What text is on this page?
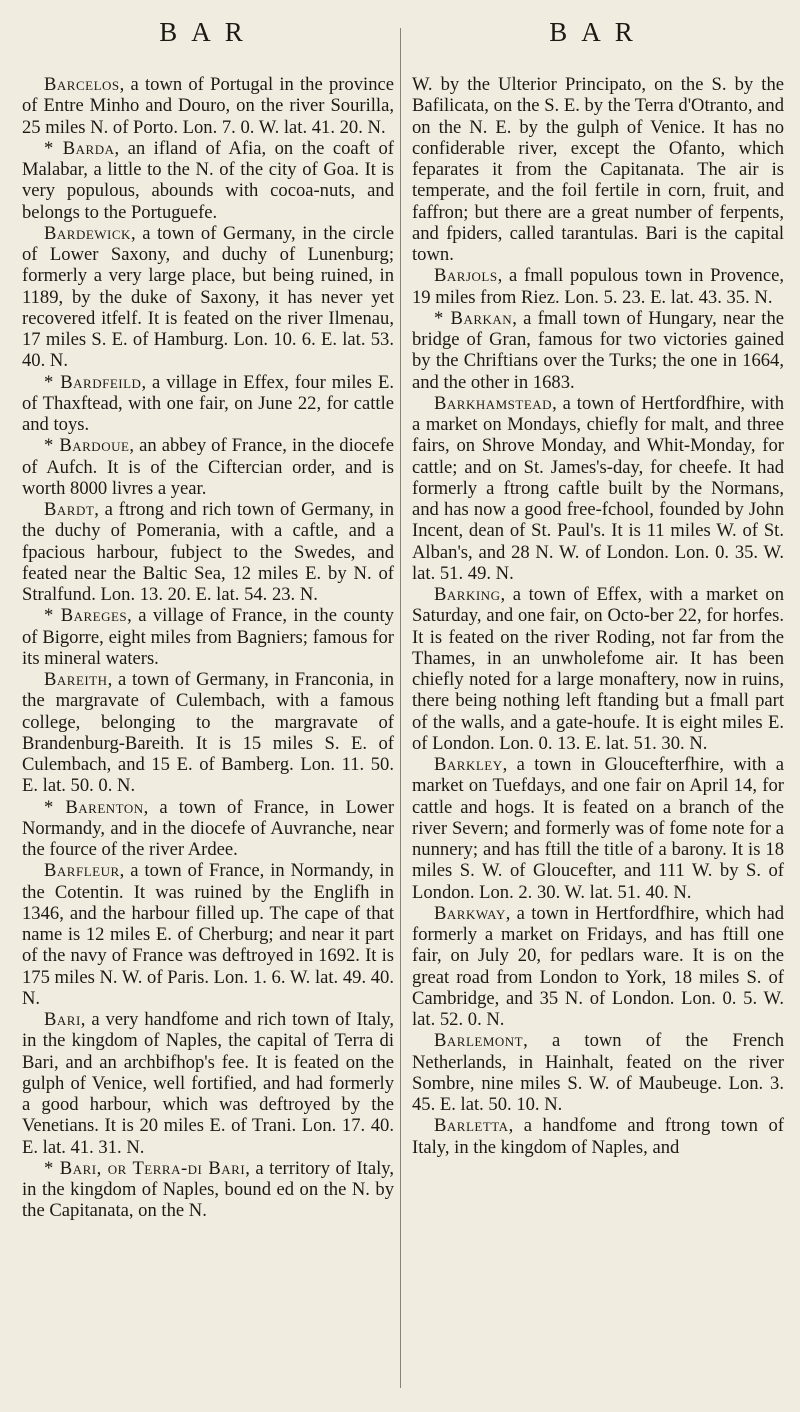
BAR

Barcelos, a town of Portugal in the province of Entre Minho and Douro, on the river Sourilla, 25 miles N. of Porto. Lon. 7. 0. W. lat. 41. 20. N.

* Barda, an ifland of Afia, on the coaft of Malabar, a little to the N. of the city of Goa. It is very populous, abounds with cocoa-nuts, and belongs to the Portuguefe.

Bardewick, a town of Germany, in the circle of Lower Saxony, and duchy of Lunenburg; formerly a very large place, but being ruined, in 1189, by the duke of Saxony, it has never yet recovered itfelf. It is feated on the river Ilmenau, 17 miles S. E. of Hamburg. Lon. 10. 6. E. lat. 53. 40. N.

* Bardfeild, a village in Effex, four miles E. of Thaxftead, with one fair, on June 22, for cattle and toys.

* Bardoue, an abbey of France, in the diocefe of Aufch. It is of the Ciftercian order, and is worth 8000 livres a year.

Bardt, a ftrong and rich town of Germany, in the duchy of Pomerania, with a caftle, and a fpacious harbour, fubject to the Swedes, and feated near the Baltic Sea, 12 miles E. by N. of Stralfund. Lon. 13. 20. E. lat. 54. 23. N.

* Bareges, a village of France, in the county of Bigorre, eight miles from Bagniers; famous for its mineral waters.

Bareith, a town of Germany, in Franconia, in the margravate of Culembach, with a famous college, belonging to the margravate of Brandenburg-Bareith. It is 15 miles S. E. of Culembach, and 15 E. of Bamberg. Lon. 11. 50. E. lat. 50. 0. N.

* Barenton, a town of France, in Lower Normandy, and in the diocefe of Auvranche, near the fource of the river Ardee.

Barfleur, a town of France, in Normandy, in the Cotentin. It was ruined by the Englifh in 1346, and the harbour filled up. The cape of that name is 12 miles E. of Cherburg; and near it part of the navy of France was deftroyed in 1692. It is 175 miles N. W. of Paris. Lon. 1. 6. W. lat. 49. 40. N.

Bari, a very handfome and rich town of Italy, in the kingdom of Naples, the capital of Terra di Bari, and an archbifhop's fee. It is feated on the gulph of Venice, well fortified, and had formerly a good harbour, which was deftroyed by the Venetians. It is 20 miles E. of Trani. Lon. 17. 40. E. lat. 41. 31. N.

* Bari, or Terra-di Bari, a territory of Italy, in the kingdom of Naples, bound ed on the N. by the Capitanata, on the N.

BAR

W. by the Ulterior Principato, on the S. by the Bafilicata, on the S. E. by the Terra d'Otranto, and on the N. E. by the gulph of Venice. It has no confiderable river, except the Ofanto, which feparates it from the Capitanata. The air is temperate, and the foil fertile in corn, fruit, and faffron; but there are a great number of ferpents, and fpiders, called tarantulas. Bari is the capital town.

Barjols, a fmall populous town in Provence, 19 miles from Riez. Lon. 5. 23. E. lat. 43. 35. N.

* Barkan, a fmall town of Hungary, near the bridge of Gran, famous for two victories gained by the Chriftians over the Turks; the one in 1664, and the other in 1683.

Barkhamstead, a town of Hertfordfhire, with a market on Mondays, chiefly for malt, and three fairs, on Shrove Monday, and Whit-Monday, for cattle; and on St. James's-day, for cheefe. It had formerly a ftrong caftle built by the Normans, and has now a good free-fchool, founded by John Incent, dean of St. Paul's. It is 11 miles W. of St. Alban's, and 28 N. W. of London. Lon. 0. 35. W. lat. 51. 49. N.

Barking, a town of Effex, with a market on Saturday, and one fair, on Octo-ber 22, for horfes. It is feated on the river Roding, not far from the Thames, in an unwholefome air. It has been chiefly noted for a large monaftery, now in ruins, there being nothing left ftanding but a fmall part of the walls, and a gate-houfe. It is eight miles E. of London. Lon. 0. 13. E. lat. 51. 30. N.

Barkley, a town in Gloucefterfhire, with a market on Tuefdays, and one fair on April 14, for cattle and hogs. It is feated on a branch of the river Severn; and formerly was of fome note for a nunnery; and has ftill the title of a barony. It is 18 miles S. W. of Gloucefter, and 111 W. by S. of London. Lon. 2. 30. W. lat. 51. 40. N.

Barkway, a town in Hertfordfhire, which had formerly a market on Fridays, and has ftill one fair, on July 20, for pedlars ware. It is on the great road from London to York, 18 miles S. of Cambridge, and 35 N. of London. Lon. 0. 5. W. lat. 52. 0. N.

Barlemont, a town of the French Netherlands, in Hainhalt, feated on the river Sombre, nine miles S. W. of Maubeuge. Lon. 3. 45. E. lat. 50. 10. N.

Barletta, a handfome and ftrong town of Italy, in the kingdom of Naples, and
